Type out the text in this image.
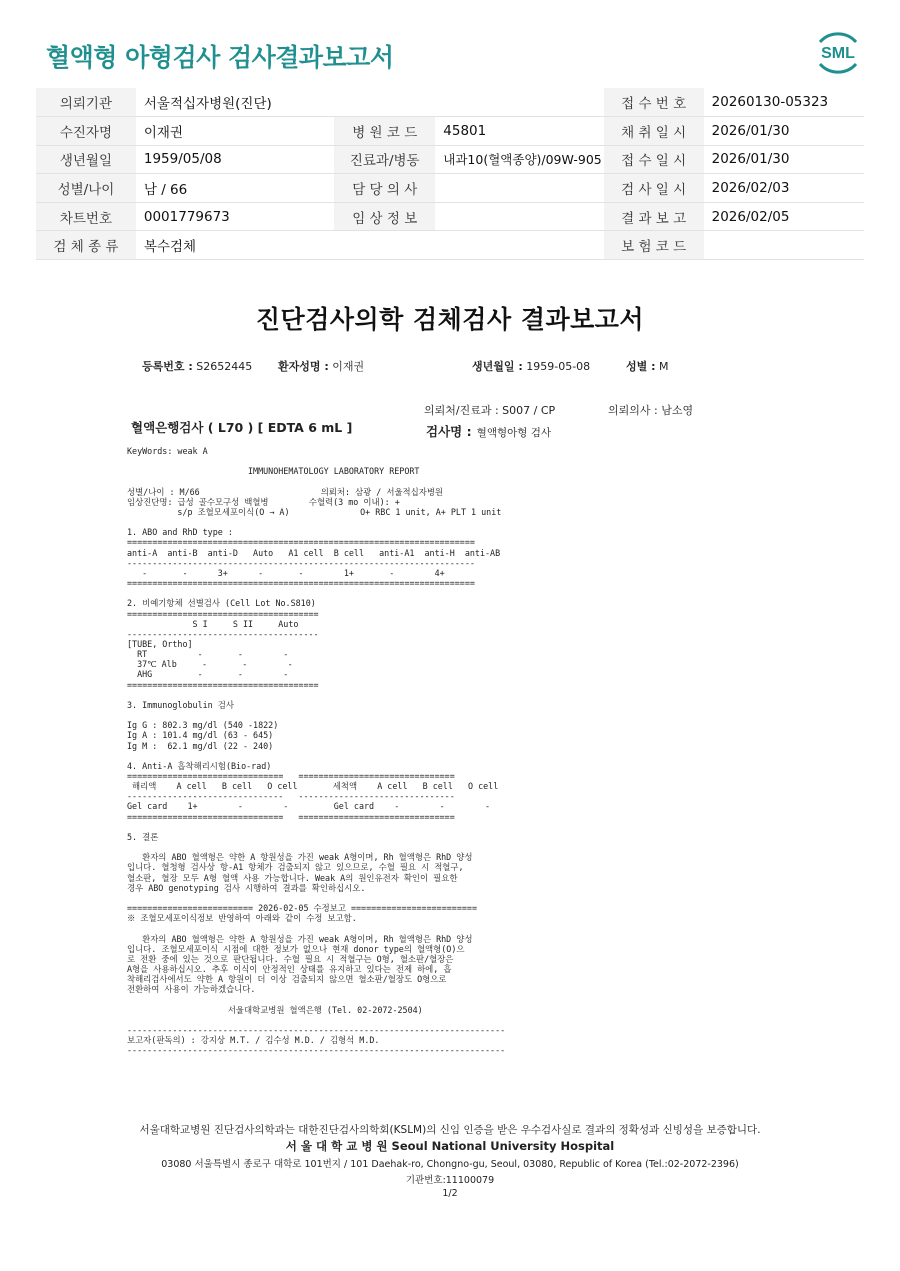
혈액형 아형검사 검사결과보고서	SML
의뢰기관	서울적십자병원(진단)			접 수 번 호	20260130-05323
수진자명	이재권	병 원 코 드	45801	채 취 일 시	2026/01/30
생년월일	1959/05/08	진료과/병동	내과10(혈액종양)/09W-905	접 수 일 시	2026/01/30
성별/나이	남 / 66	담 당 의 사		검 사 일 시	2026/02/03
차트번호	0001779673	임 상 정 보		결 과 보 고	2026/02/05
검 체 종 류	복수검체			보 험 코 드	
진단검사의학 검체검사 결과보고서
등록번호 : S2652445 환자성명 : 이재권	생년월일 : 1959-05-08	성별 : M
의뢰처/진료과 : S007 / CP	의뢰의사 : 남소영
혈액은행검사 ( L70 ) [ EDTA 6 mL ]	검사명 : 혈액형아형 검사
KeyWords: weak A

IMMUNOHEMATOLOGY LABORATORY REPORT

성별/나이 : M/66                        의뢰처: 삼광 / 서울적십자병원
임상진단명: 급성 골수모구성 백혈병        수혈력(3 mo 이내): +
s/p 조혈모세포이식(O → A)              O+ RBC 1 unit, A+ PLT 1 unit

1. ABO and RhD type :
=====================================================================
anti-A  anti-B  anti-D   Auto   A1 cell  B cell   anti-A1  anti-H  anti-AB
---------------------------------------------------------------------
-       -      3+      -       -        1+       -        4+
=====================================================================

2. 비예기항체 선별검사 (Cell Lot No.S810)
======================================
S I     S II     Auto
--------------------------------------
[TUBE, Ortho]
RT          -       -        -
37℃ Alb     -       -        -
AHG         -       -        -
======================================

3. Immunoglobulin 검사

Ig G : 802.3 mg/dl (540 -1822)
Ig A : 101.4 mg/dl (63 - 645)
Ig M :  62.1 mg/dl (22 - 240)

4. Anti-A 흡착해리시험(Bio-rad)
===============================   ===============================
해리액    A cell   B cell   O cell       세척액    A cell   B cell   O cell
-------------------------------   -------------------------------
Gel card    1+        -        -         Gel card    -        -        -
===============================   ===============================

5. 결론

환자의 ABO 혈액형은 약한 A 항원성을 가진 weak A형이며, Rh 혈액형은 RhD 양성
입니다. 혈청형 검사상 항-A1 항체가 검출되지 않고 있으므로, 수혈 필요 시 적혈구,
혈소판, 혈장 모두 A형 혈액 사용 가능합니다. Weak A의 원인유전자 확인이 필요한
경우 ABO genotyping 검사 시행하여 결과를 확인하십시오.

========================= 2026-02-05 수정보고 =========================
※ 조혈모세포이식정보 반영하여 아래와 같이 수정 보고함.

환자의 ABO 혈액형은 약한 A 항원성을 가진 weak A형이며, Rh 혈액형은 RhD 양성
입니다. 조혈모세포이식 시점에 대한 정보가 없으나 현재 donor type의 혈액형(O)으
로 전환 중에 있는 것으로 판단됩니다. 수혈 필요 시 적혈구는 O형, 혈소판/혈장은
A형을 사용하십시오. 추후 이식이 안정적인 상태를 유지하고 있다는 전제 하에, 흡
착해리검사에서도 약한 A 항원이 더 이상 검출되지 않으면 혈소판/혈장도 O형으로
전환하여 사용이 가능하겠습니다.

서울대학교병원 혈액은행 (Tel. 02-2072-2504)

---------------------------------------------------------------------------
보고자(판독의) : 강지상 M.T. / 김수성 M.D. / 김형석 M.D.
---------------------------------------------------------------------------
서울대학교병원 진단검사의학과는 대한진단검사의학회(KSLM)의 신임 인증을 받은 우수검사실로 결과의 정확성과 신빙성을 보증합니다.
서 울 대 학 교 병 원 Seoul National University Hospital
03080 서울특별시 종로구 대학로 101번지 / 101 Daehak-ro, Chongno-gu, Seoul, 03080, Republic of Korea (Tel.:02-2072-2396)
기관번호:11100079
1/2
